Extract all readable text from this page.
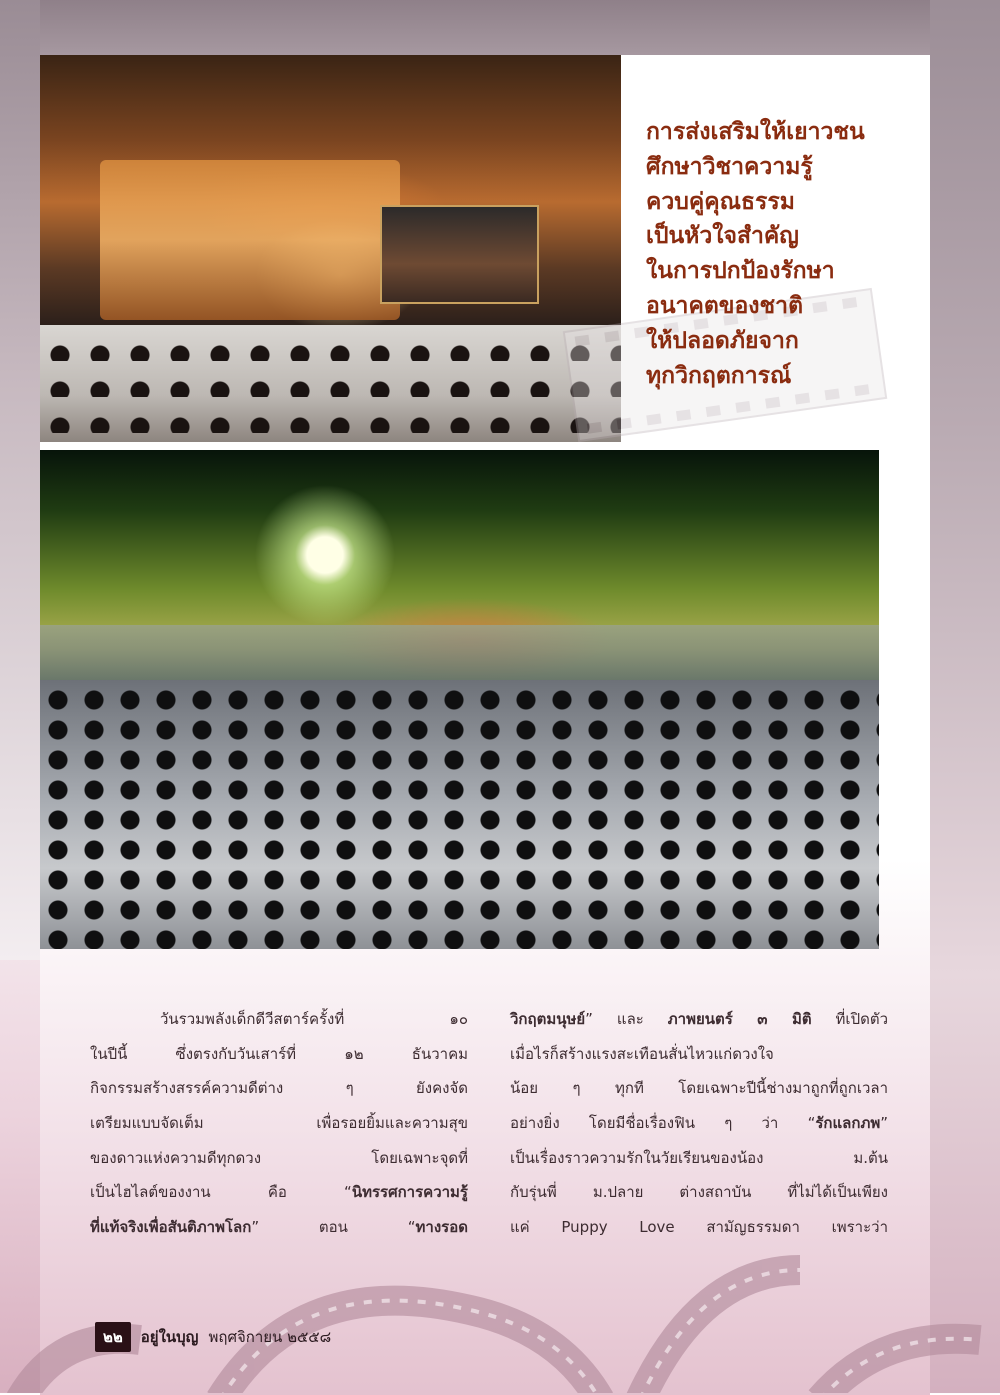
การส่งเสริมให้เยาวชน
ศึกษาวิชาความรู้
ควบคู่คุณธรรม
เป็นหัวใจสำคัญ
ในการปกป้องรักษา
อนาคตของชาติ
ให้ปลอดภัยจาก
ทุกวิกฤตการณ์
วันรวมพลังเด็กดีวีสตาร์ครั้งที่ ๑๐
ในปีนี้ ซึ่งตรงกับวันเสาร์ที่ ๑๒ ธันวาคม
กิจกรรมสร้างสรรค์ความดีต่าง ๆ ยังคงจัด
เตรียมแบบจัดเต็ม เพื่อรอยยิ้มและความสุข
ของดาวแห่งความดีทุกดวง โดยเฉพาะจุดที่
เป็นไฮไลต์ของงาน คือ “นิทรรศการความรู้
ที่แท้จริงเพื่อสันติภาพโลก” ตอน “ทางรอด
วิกฤตมนุษย์” และ ภาพยนตร์ ๓ มิติ ที่เปิดตัว
เมื่อไรก็สร้างแรงสะเทือนสั่นไหวแก่ดวงใจ
น้อย ๆ ทุกที โดยเฉพาะปีนี้ช่างมาถูกที่ถูกเวลา
อย่างยิ่ง โดยมีชื่อเรื่องฟิน ๆ ว่า “รักแลกภพ”
เป็นเรื่องราวความรักในวัยเรียนของน้อง ม.ต้น
กับรุ่นพี่ ม.ปลาย ต่างสถาบัน ที่ไม่ได้เป็นเพียง
แค่ Puppy Love สามัญธรรมดา เพราะว่า
๒๒	อยู่ในบุญ พฤศจิกายน ๒๕๕๘
